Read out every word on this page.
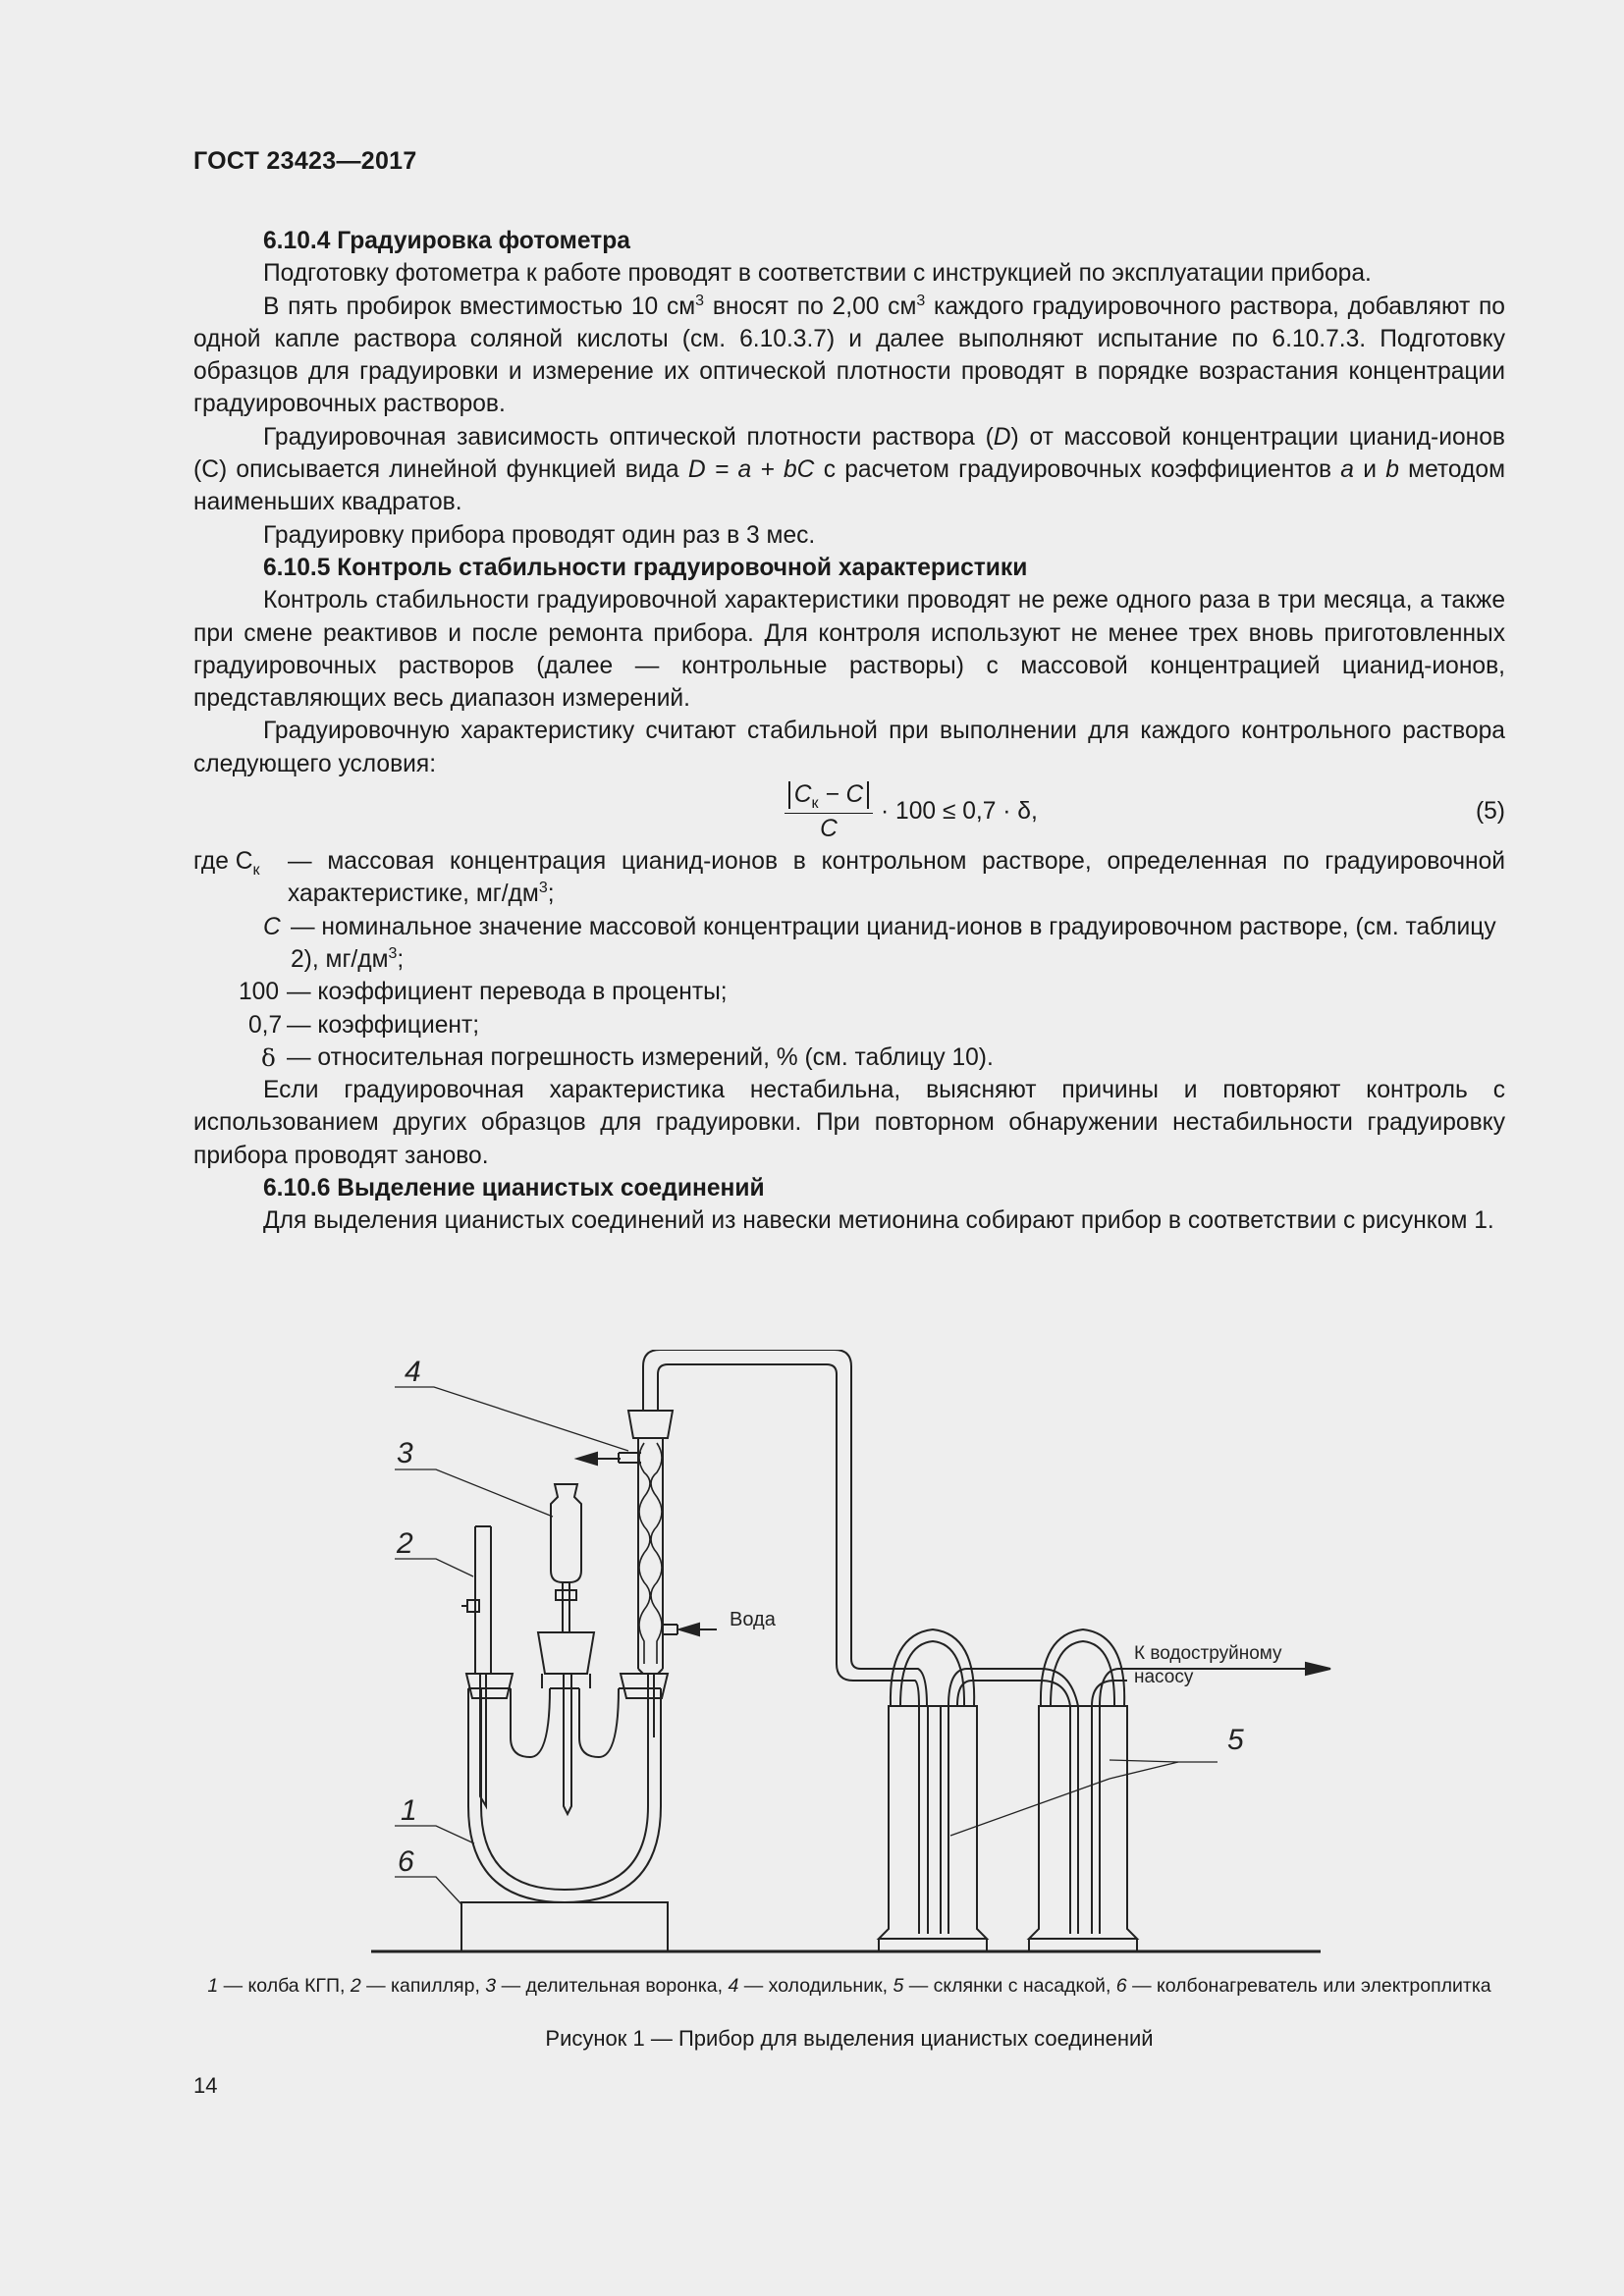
ГОСТ 23423—2017

6.10.4 Градуировка фотометра

Подготовку фотометра к работе проводят в соответствии с инструкцией по эксплуатации прибора.

В пять пробирок вместимостью 10 $см^3$ вносят по 2,00 $см^3$ каждого градуировочного раствора, добавляют по одной капле раствора соляной кислоты (см. 6.10.3.7) и далее выполняют испытание по 6.10.7.3. Подготовку образцов для градуировки и измерение их оптической плотности проводят в порядке возрастания концентрации градуировочных растворов.

Градуировочная зависимость оптической плотности раствора (D) от массовой концентрации цианид-ионов (С) описывается линейной функцией вида D = a + bC с расчетом градуировочных коэффициентов a и b методом наименьших квадратов.

Градуировку прибора проводят один раз в 3 мес.

6.10.5 Контроль стабильности градуировочной характеристики

Контроль стабильности градуировочной характеристики проводят не реже одного раза в три месяца, а также при смене реактивов и после ремонта прибора. Для контроля используют не менее трех вновь приготовленных градуировочных растворов (далее — контрольные растворы) с массовой концентрацией цианид-ионов, представляющих весь диапазон измерений.

Градуировочную характеристику считают стабильной при выполнении для каждого контрольного раствора следующего условия:

$C_к - C$
C
· 100 ≤ 0,7 · δ,	(5)
где $C_к$ — массовая концентрация цианид-ионов в контрольном растворе, определенная по градуировочной характеристике, $мг/дм^3$;

C — номинальное значение массовой концентрации цианид-ионов в градуировочном растворе, (см. таблицу 2), $мг/дм^3$;

100 — коэффициент перевода в проценты;

0,7 — коэффициент;

δ — относительная погрешность измерений, % (см. таблицу 10).

Если градуировочная характеристика нестабильна, выясняют причины и повторяют контроль с использованием других образцов для градуировки. При повторном обнаружении нестабильности градуировку прибора проводят заново.

6.10.6 Выделение цианистых соединений

Для выделения цианистых соединений из навески метионина собирают прибор в соответствии с рисунком 1.

4
3
2
1
6
5
Вода
К водоструйному
насосу
1 — колба КГП, 2 — капилляр, 3 — делительная воронка, 4 — холодильник, 5 — склянки с насадкой, 6 — колбонагреватель или электроплитка
Рисунок 1 — Прибор для выделения цианистых соединений
14
